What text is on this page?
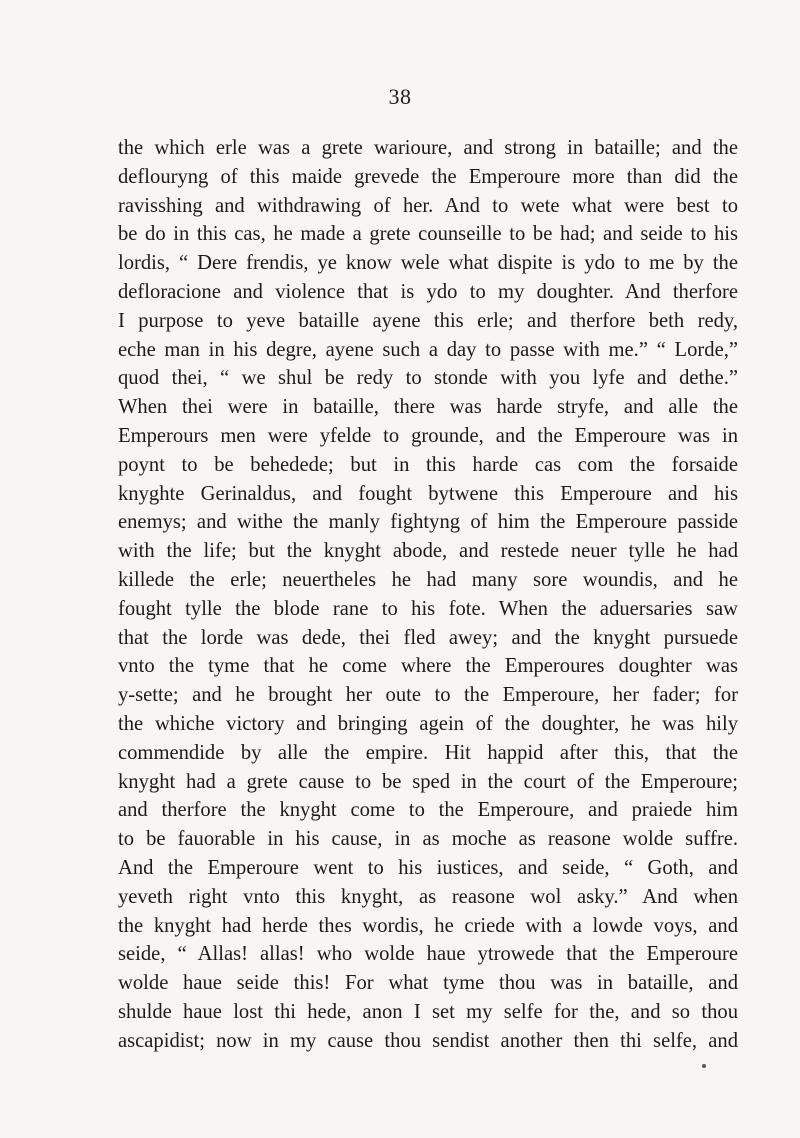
38
the which erle was a grete warioure, and strong in bataille; and the
deflouryng of this maide grevede the Emperoure more than did the
ravisshing and withdrawing of her. And to wete what were best to
be do in this cas, he made a grete counseille to be had; and seide to his
lordis, “ Dere frendis, ye know wele what dispite is ydo to me by the
defloracione and violence that is ydo to my doughter. And therfore
I purpose to yeve bataille ayene this erle; and therfore beth redy,
eche man in his degre, ayene such a day to passe with me.” “ Lorde,”
quod thei, “ we shul be redy to stonde with you lyfe and dethe.”
When thei were in bataille, there was harde stryfe, and alle the
Emperours men were yfelde to grounde, and the Emperoure was in
poynt to be behedede; but in this harde cas com the forsaide
knyghte Gerinaldus, and fought bytwene this Emperoure and his
enemys; and withe the manly fightyng of him the Emperoure passide
with the life; but the knyght abode, and restede neuer tylle he had
killede the erle; neuertheles he had many sore woundis, and he
fought tylle the blode rane to his fote. When the aduersaries saw
that the lorde was dede, thei fled awey; and the knyght pursuede
vnto the tyme that he come where the Emperoures doughter was
y-sette; and he brought her oute to the Emperoure, her fader; for
the whiche victory and bringing agein of the doughter, he was hily
commendide by alle the empire. Hit happid after this, that the
knyght had a grete cause to be sped in the court of the Emperoure;
and therfore the knyght come to the Emperoure, and praiede him
to be fauorable in his cause, in as moche as reasone wolde suffre.
And the Emperoure went to his iustices, and seide, “ Goth, and
yeveth right vnto this knyght, as reasone wol asky.” And when
the knyght had herde thes wordis, he criede with a lowde voys, and
seide, “ Allas! allas! who wolde haue ytrowede that the Emperoure
wolde haue seide this! For what tyme thou was in bataille, and
shulde haue lost thi hede, anon I set my selfe for the, and so thou
ascapidist; now in my cause thou sendist another then thi selfe, and
